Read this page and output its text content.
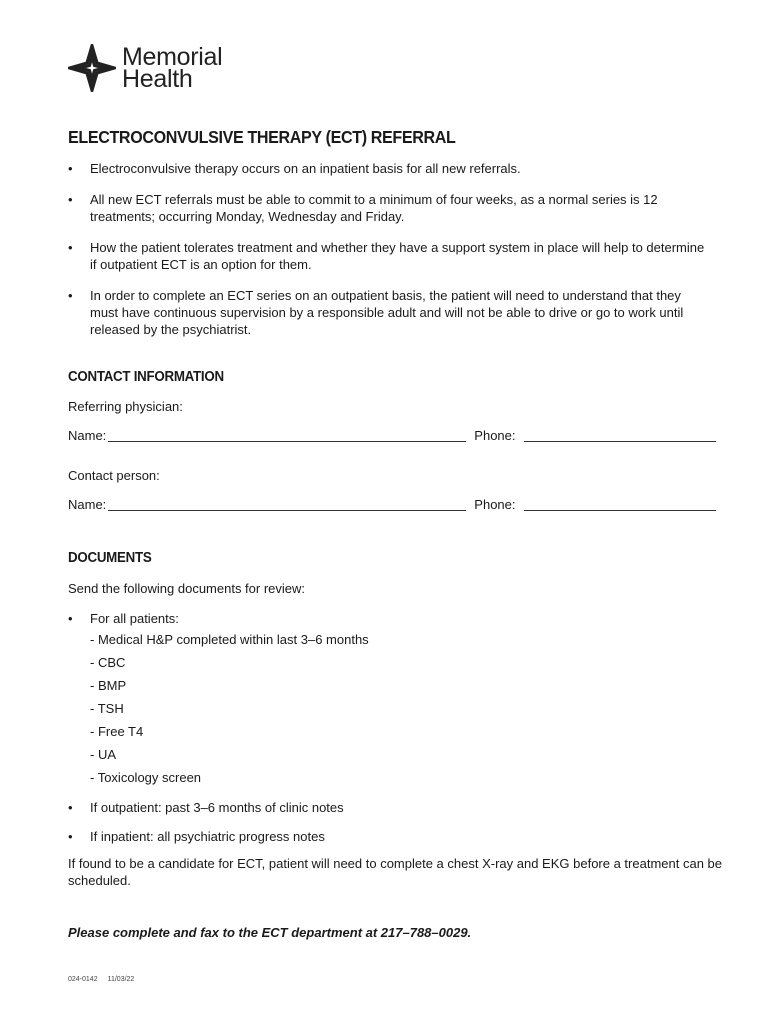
Memorial
Health
ELECTROCONVULSIVE THERAPY (ECT) REFERRAL
• Electroconvulsive therapy occurs on an inpatient basis for all new referrals.
• All new ECT referrals must be able to commit to a minimum of four weeks, as a normal series is 12 treatments; occurring Monday, Wednesday and Friday.
• How the patient tolerates treatment and whether they have a support system in place will help to determine if outpatient ECT is an option for them.
• In order to complete an ECT series on an outpatient basis, the patient will need to understand that they must have continuous supervision by a responsible adult and will not be able to drive or go to work until released by the psychiatrist.
CONTACT INFORMATION
Referring physician:
Name:	Phone:
Contact person:
Name:	Phone:
DOCUMENTS
Send the following documents for review:
• For all patients:
- Medical H&P completed within last 3–6 months
- CBC
- BMP
- TSH
- Free T4
- UA
- Toxicology screen
• If outpatient: past 3–6 months of clinic notes
• If inpatient: all psychiatric progress notes
If found to be a candidate for ECT, patient will need to complete a chest X-ray and EKG before a treatment can be scheduled.
Please complete and fax to the ECT department at 217–788–0029.
024-0142 11/03/22
